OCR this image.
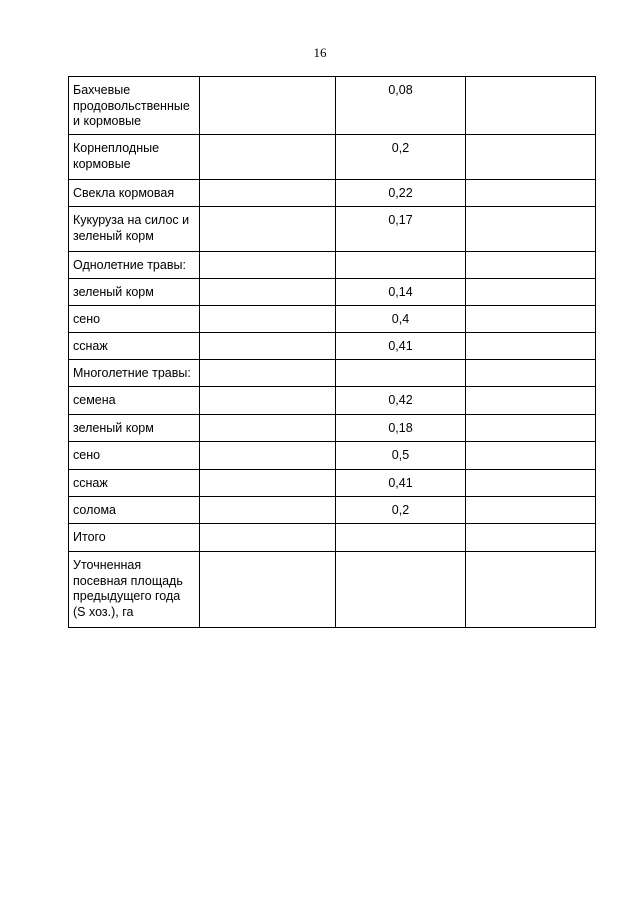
16
Бахчевые продовольственные и кормовые		0,08	
Корнеплодные кормовые		0,2	
Свекла кормовая		0,22	
Кукуруза на силос и зеленый корм		0,17	
Однолетние травы:			
зеленый корм		0,14	
сено		0,4	
сснаж		0,41	
Многолетние травы:			
семена		0,42	
зеленый корм		0,18	
сено		0,5	
сснаж		0,41	
солома		0,2	
Итого			
Уточненная посевная площадь предыдущего года (S хоз.), га			
